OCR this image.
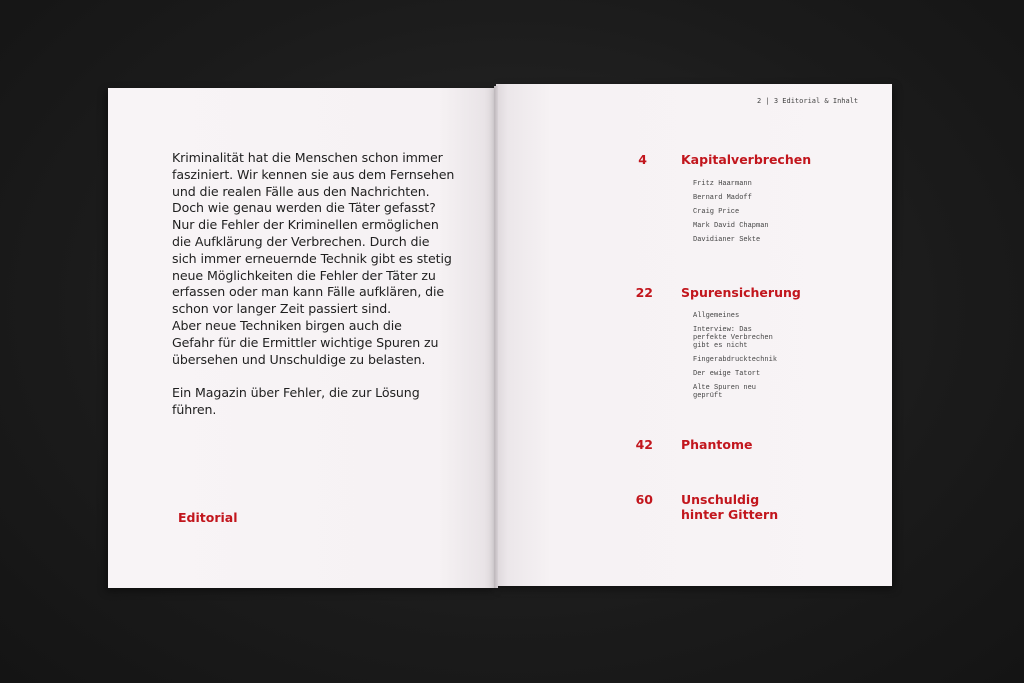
Kriminalität hat die Menschen schon immer
fasziniert. Wir kennen sie aus dem Fernsehen
und die realen Fälle aus den Nachrichten.
Doch wie genau werden die Täter gefasst?
Nur die Fehler der Kriminellen ermöglichen
die Aufklärung der Verbrechen. Durch die
sich immer erneuernde Technik gibt es stetig
neue Möglichkeiten die Fehler der Täter zu
erfassen oder man kann Fälle aufklären, die
schon vor langer Zeit passiert sind.
Aber neue Techniken birgen auch die
Gefahr für die Ermittler wichtige Spuren zu
übersehen und Unschuldige zu belasten.

Ein Magazin über Fehler, die zur Lösung
führen.

Editorial
2 | 3 Editorial & Inhalt
4	Kapitalverbrechen
Fritz Haarmann
Bernard Madoff
Craig Price
Mark David Chapman
Davidianer Sekte
22 Spurensicherung
Allgemeines
Interview: Das
perfekte Verbrechen
gibt es nicht
Fingerabdrucktechnik
Der ewige Tatort
Alte Spuren neu
geprüft
42 Phantome
60 Unschuldig
hinter Gittern
